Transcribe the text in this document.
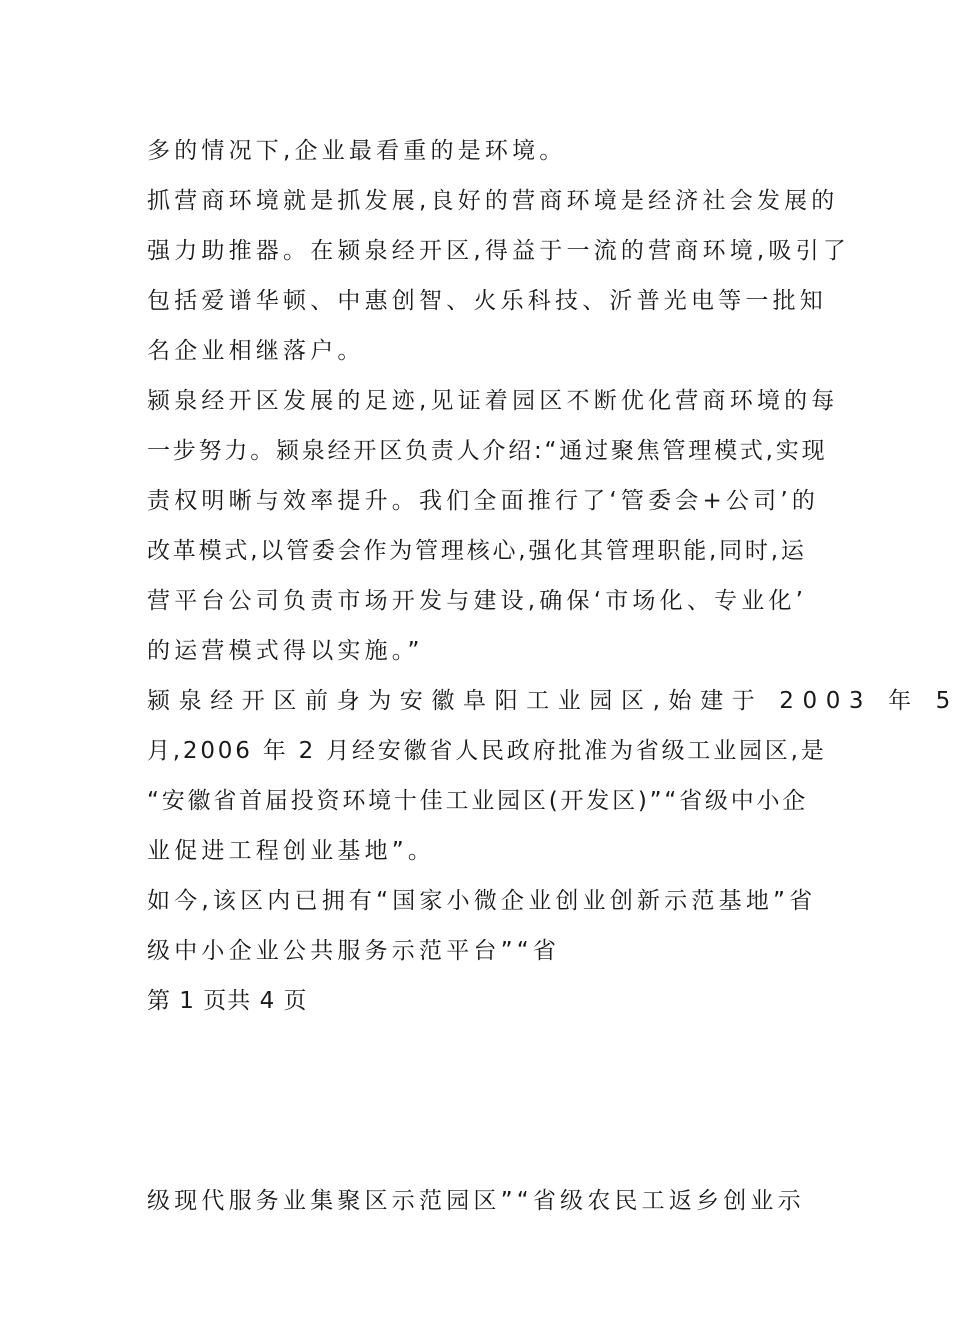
多的情况下,企业最看重的是环境。
抓营商环境就是抓发展,良好的营商环境是经济社会发展的
强力助推器。在颍泉经开区,得益于一流的营商环境,吸引了
包括爱谱华顿、中惠创智、火乐科技、沂普光电等一批知
名企业相继落户。
颍泉经开区发展的足迹,见证着园区不断优化营商环境的每
一步努力。颍泉经开区负责人介绍:“通过聚焦管理模式,实现
责权明晰与效率提升。我们全面推行了‘管委会+公司’的
改革模式,以管委会作为管理核心,强化其管理职能,同时,运
营平台公司负责市场开发与建设,确保‘市场化、专业化’
的运营模式得以实施。”
颍泉经开区前身为安徽阜阳工业园区,始建于 2003 年 5
月,2006 年 2 月经安徽省人民政府批准为省级工业园区,是
“安徽省首届投资环境十佳工业园区(开发区)”“省级中小企
业促进工程创业基地”。
如今,该区内已拥有“国家小微企业创业创新示范基地”省
级中小企业公共服务示范平台”“省
第 1 页共 4 页
级现代服务业集聚区示范园区”“省级农民工返乡创业示
